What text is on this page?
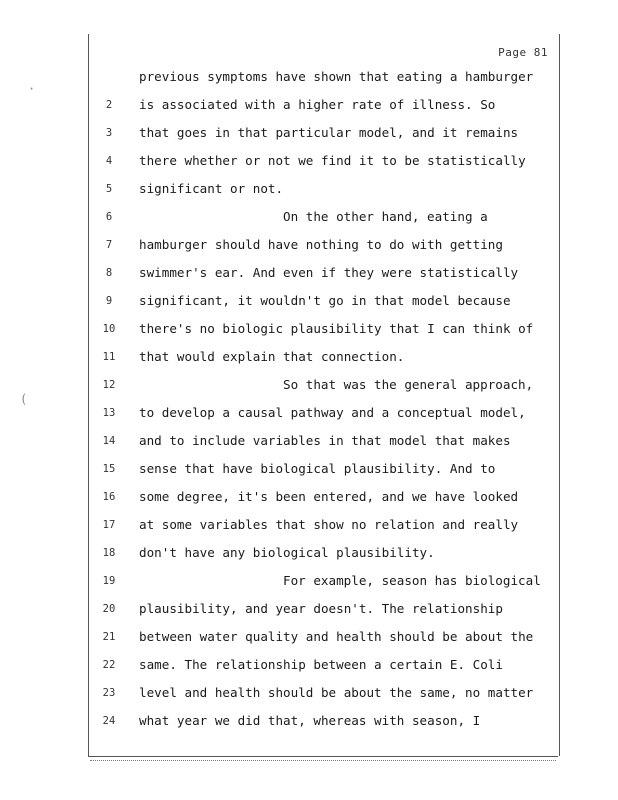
·
(
Page 81
previous symptoms have shown that eating a hamburger
2	is associated with a higher rate of illness. So
3	that goes in that particular model, and it remains
4	there whether or not we find it to be statistically
5	significant or not.
6	On the other hand, eating a
7	hamburger should have nothing to do with getting
8	swimmer's ear. And even if they were statistically
9	significant, it wouldn't go in that model because
10	there's no biologic plausibility that I can think of
11	that would explain that connection.
12	So that was the general approach,
13	to develop a causal pathway and a conceptual model,
14	and to include variables in that model that makes
15	sense that have biological plausibility. And to
16	some degree, it's been entered, and we have looked
17	at some variables that show no relation and really
18	don't have any biological plausibility.
19	For example, season has biological
20	plausibility, and year doesn't. The relationship
21	between water quality and health should be about the
22	same. The relationship between a certain E. Coli
23	level and health should be about the same, no matter
24	what year we did that, whereas with season, I
